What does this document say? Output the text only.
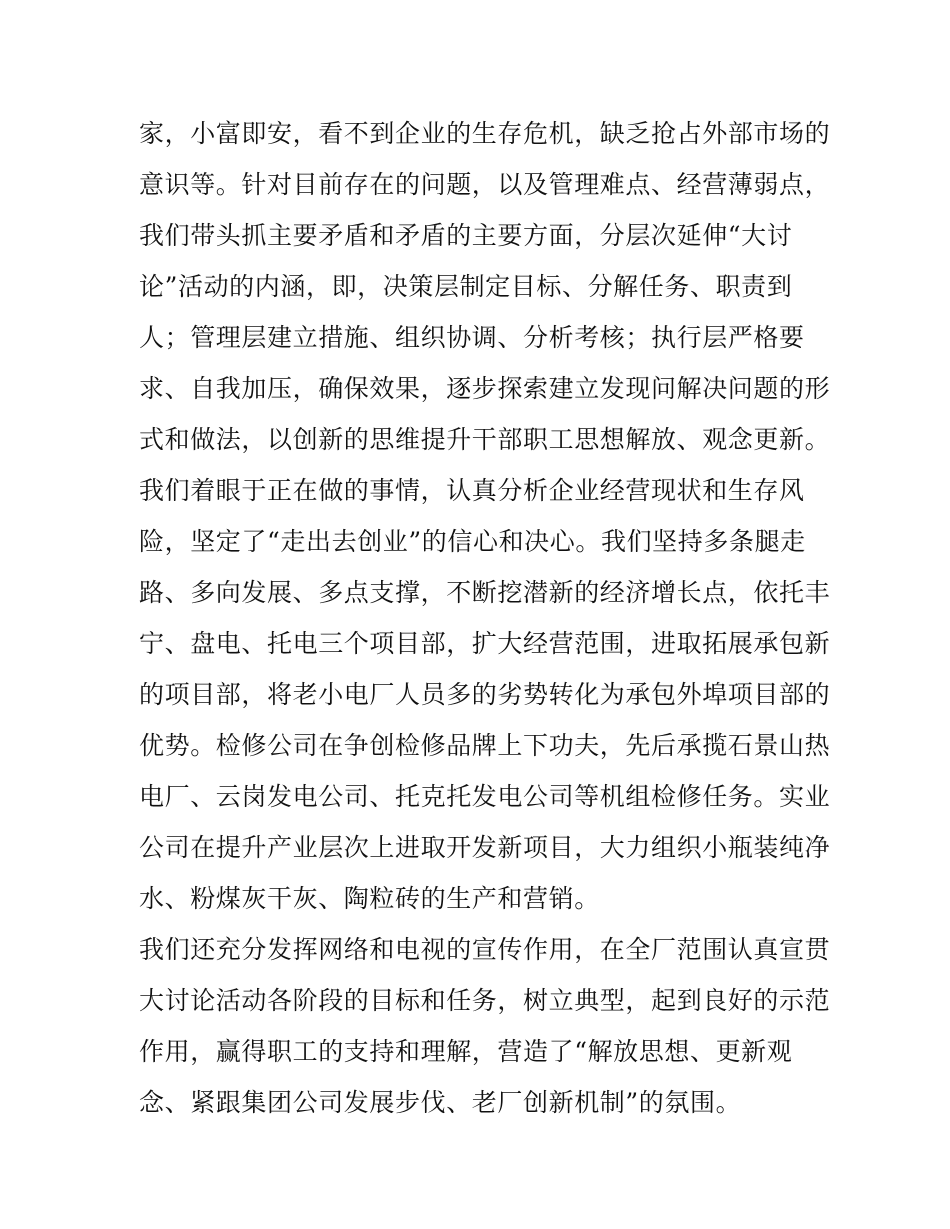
家，小富即安，看不到企业的生存危机，缺乏抢占外部市场的
意识等。针对目前存在的问题，以及管理难点、经营薄弱点，
我们带头抓主要矛盾和矛盾的主要方面，分层次延伸“大讨
论”活动的内涵，即，决策层制定目标、分解任务、职责到
人；管理层建立措施、组织协调、分析考核；执行层严格要
求、自我加压，确保效果，逐步探索建立发现问解决问题的形
式和做法，以创新的思维提升干部职工思想解放、观念更新。
我们着眼于正在做的事情，认真分析企业经营现状和生存风
险，坚定了“走出去创业”的信心和决心。我们坚持多条腿走
路、多向发展、多点支撑，不断挖潜新的经济增长点，依托丰
宁、盘电、托电三个项目部，扩大经营范围，进取拓展承包新
的项目部，将老小电厂人员多的劣势转化为承包外埠项目部的
优势。检修公司在争创检修品牌上下功夫，先后承揽石景山热
电厂、云岗发电公司、托克托发电公司等机组检修任务。实业
公司在提升产业层次上进取开发新项目，大力组织小瓶装纯净
水、粉煤灰干灰、陶粒砖的生产和营销。
我们还充分发挥网络和电视的宣传作用，在全厂范围认真宣贯
大讨论活动各阶段的目标和任务，树立典型，起到良好的示范
作用，赢得职工的支持和理解，营造了“解放思想、更新观
念、紧跟集团公司发展步伐、老厂创新机制”的氛围。
